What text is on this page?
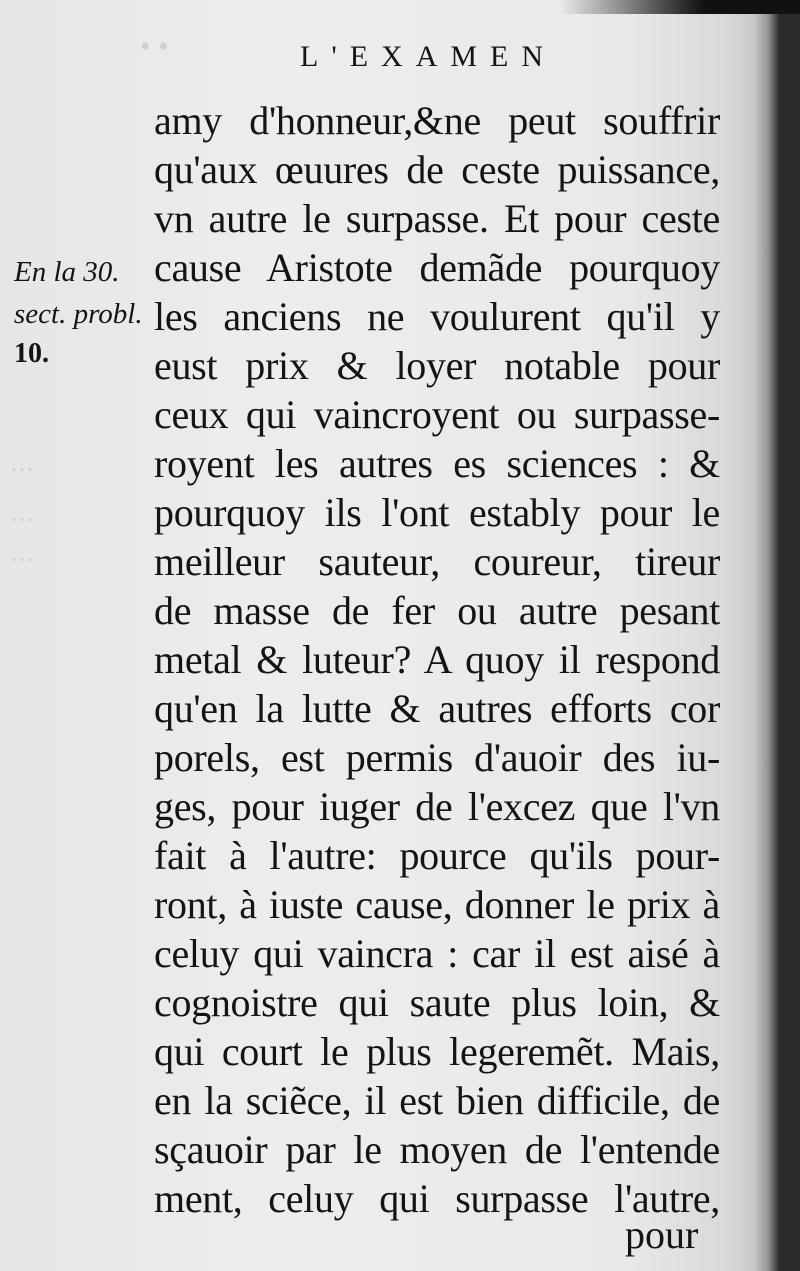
• •
⋯
⋯
⋯
L'EXAMEN
En la 30.
sect. probl.
10.
amy d'honneur,&ne peut souffrir
qu'aux œuures de ceste puissance,
vn autre le surpasse. Et pour ceste
cause Aristote demãde pourquoy
les anciens ne voulurent qu'il y
eust prix & loyer notable pour
ceux qui vaincroyent ou surpasse-
royent les autres es sciences : &
pourquoy ils l'ont estably pour le
meilleur sauteur, coureur, tireur
de masse de fer ou autre pesant
metal & luteur? A quoy il respond
qu'en la lutte & autres efforts cor
porels, est permis d'auoir des iu-
ges, pour iuger de l'excez que l'vn
fait à l'autre: pource qu'ils pour-
ront, à iuste cause, donner le prix à
celuy qui vaincra : car il est aisé à
cognoistre qui saute plus loin, &
qui court le plus legeremẽt. Mais,
en la sciẽce, il est bien difficile, de
sçauoir par le moyen de l'entende
ment, celuy qui surpasse l'autre,
pour
